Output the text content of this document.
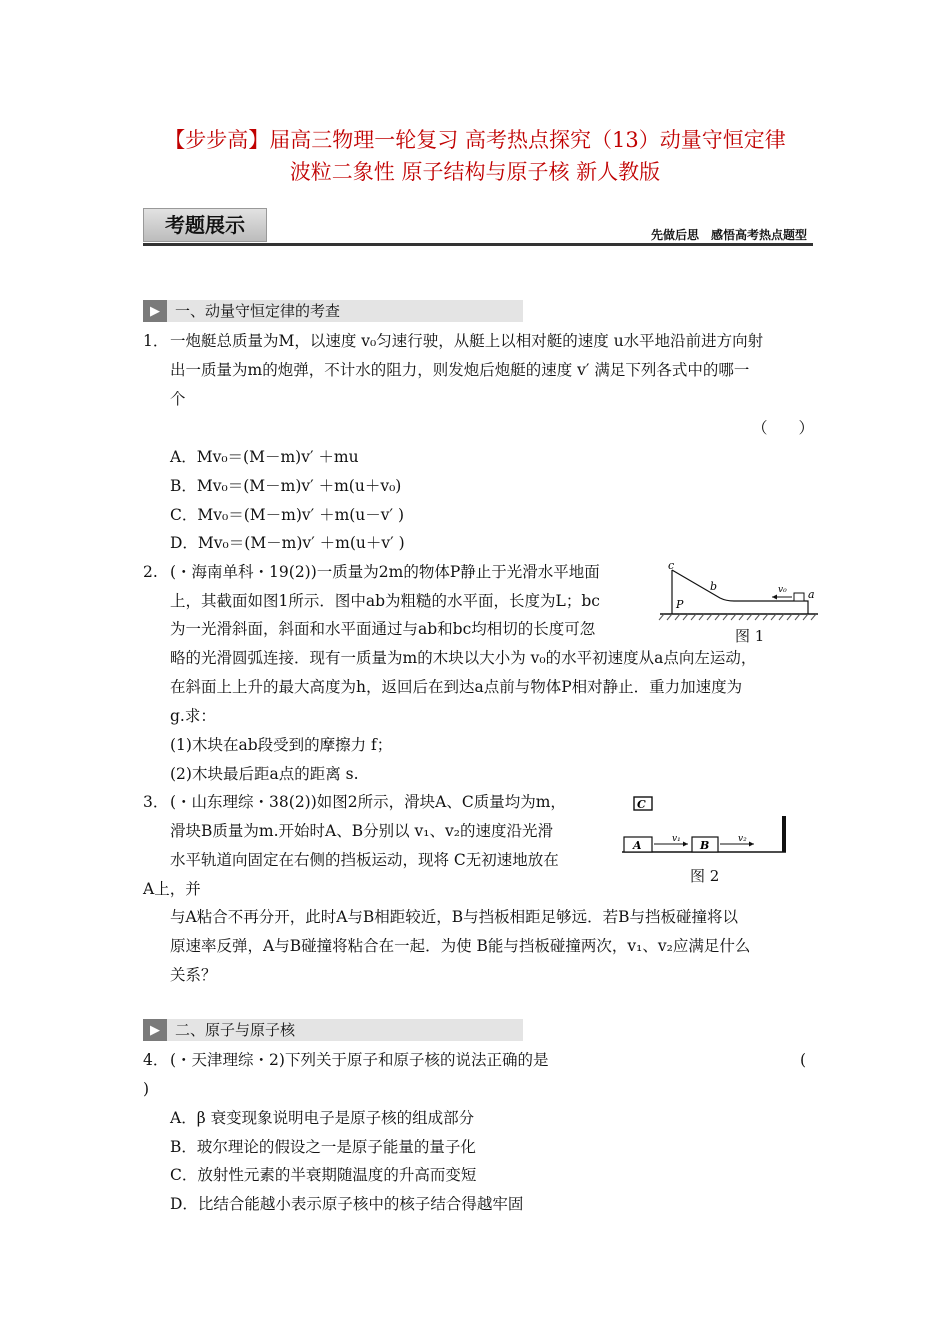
【步步高】届高三物理一轮复习 高考热点探究（13）动量守恒定律
波粒二象性 原子结构与原子核 新人教版
考题展示	先做后思　感悟高考热点题型
▶	一、动量守恒定律的考查
1． 一炮艇总质量为M，以速度 v₀匀速行驶，从艇上以相对艇的速度 u水平地沿前进方向射
出一质量为m的炮弹，不计水的阻力，则发炮后炮艇的速度 v′ 满足下列各式中的哪一
个
（　　）
A．Mv₀＝(M－m)v′ ＋mu
B．Mv₀＝(M－m)v′ ＋m(u＋v₀)
C．Mv₀＝(M－m)v′ ＋m(u－v′ )
D．Mv₀＝(M－m)v′ ＋m(u＋v′ )
2. (・海南单科・19(2))一质量为2m的物体P静止于光滑水平地面
上，其截面如图1所示．图中ab为粗糙的水平面，长度为L；bc
为一光滑斜面，斜面和水平面通过与ab和bc均相切的长度可忽
略的光滑圆弧连接．现有一质量为m的木块以大小为 v₀的水平初速度从a点向左运动，
在斜面上上升的最大高度为h，返回后在到达a点前与物体P相对静止．重力加速度为
g.求：
(1)木块在ab段受到的摩擦力 f；
(2)木块最后距a点的距离 s.
c
b
P
a
v₀
图 1
3． (・山东理综・38(2))如图2所示，滑块A、C质量均为m，
滑块B质量为m.开始时A、B分别以 v₁、v₂的速度沿光滑
水平轨道向固定在右侧的挡板运动，现将 C无初速地放在
A上，并
与A粘合不再分开，此时A与B相距较近，B与挡板相距足够远．若B与挡板碰撞将以
原速率反弹，A与B碰撞将粘合在一起．为使 B能与挡板碰撞两次，v₁、v₂应满足什么
关系？
C
A	v₁ B	v₂
图 2
▶	二、原子与原子核
4． (・天津理综・2)下列关于原子和原子核的说法正确的是	(
)
A．β 衰变现象说明电子是原子核的组成部分
B．玻尔理论的假设之一是原子能量的量子化
C．放射性元素的半衰期随温度的升高而变短
D．比结合能越小表示原子核中的核子结合得越牢固
